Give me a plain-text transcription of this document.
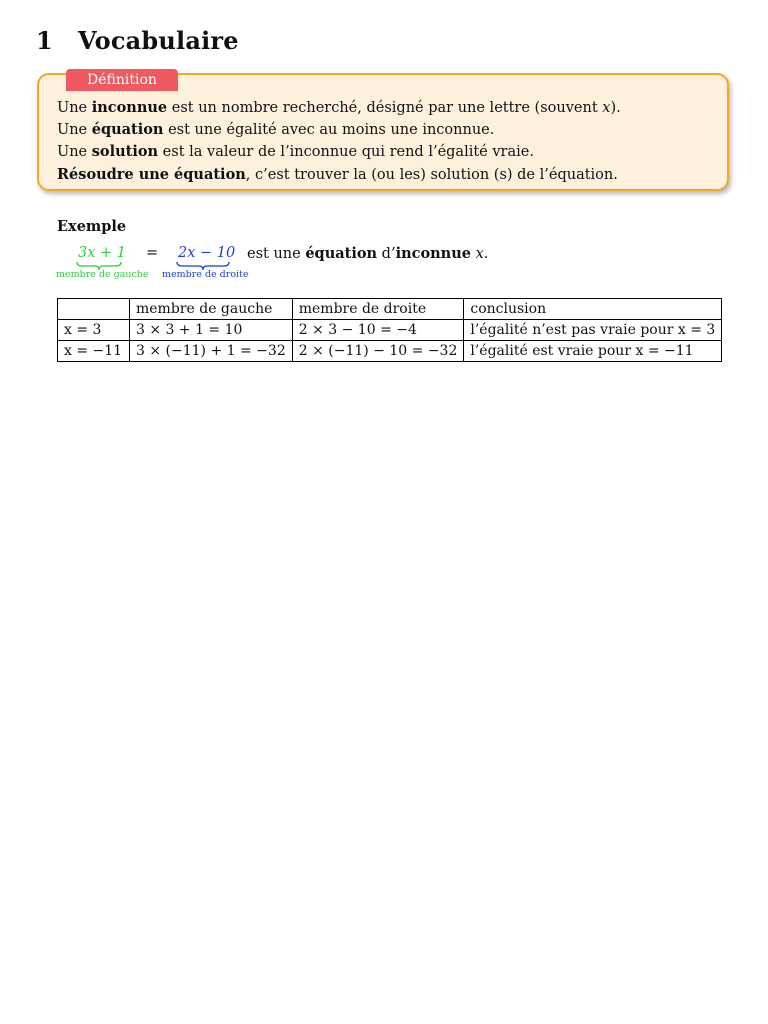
1 Vocabulaire
Définition
Une inconnue est un nombre recherché, désigné par une lettre (souvent x).
Une équation est une égalité avec au moins une inconnue.
Une solution est la valeur de l’inconnue qui rend l’égalité vraie.
Résoudre une équation, c’est trouver la (ou les) solution (s) de l’équation.
Exemple
3x + 1 = 2x − 10 est une équation d’inconnue x.
membre de gauche membre de droite
	membre de gauche	membre de droite	conclusion
x = 3	3 × 3 + 1 = 10	2 × 3 − 10 = −4	l’égalité n’est pas vraie pour x = 3
x = −11	3 × (−11) + 1 = −32	2 × (−11) − 10 = −32	l’égalité est vraie pour x = −11
